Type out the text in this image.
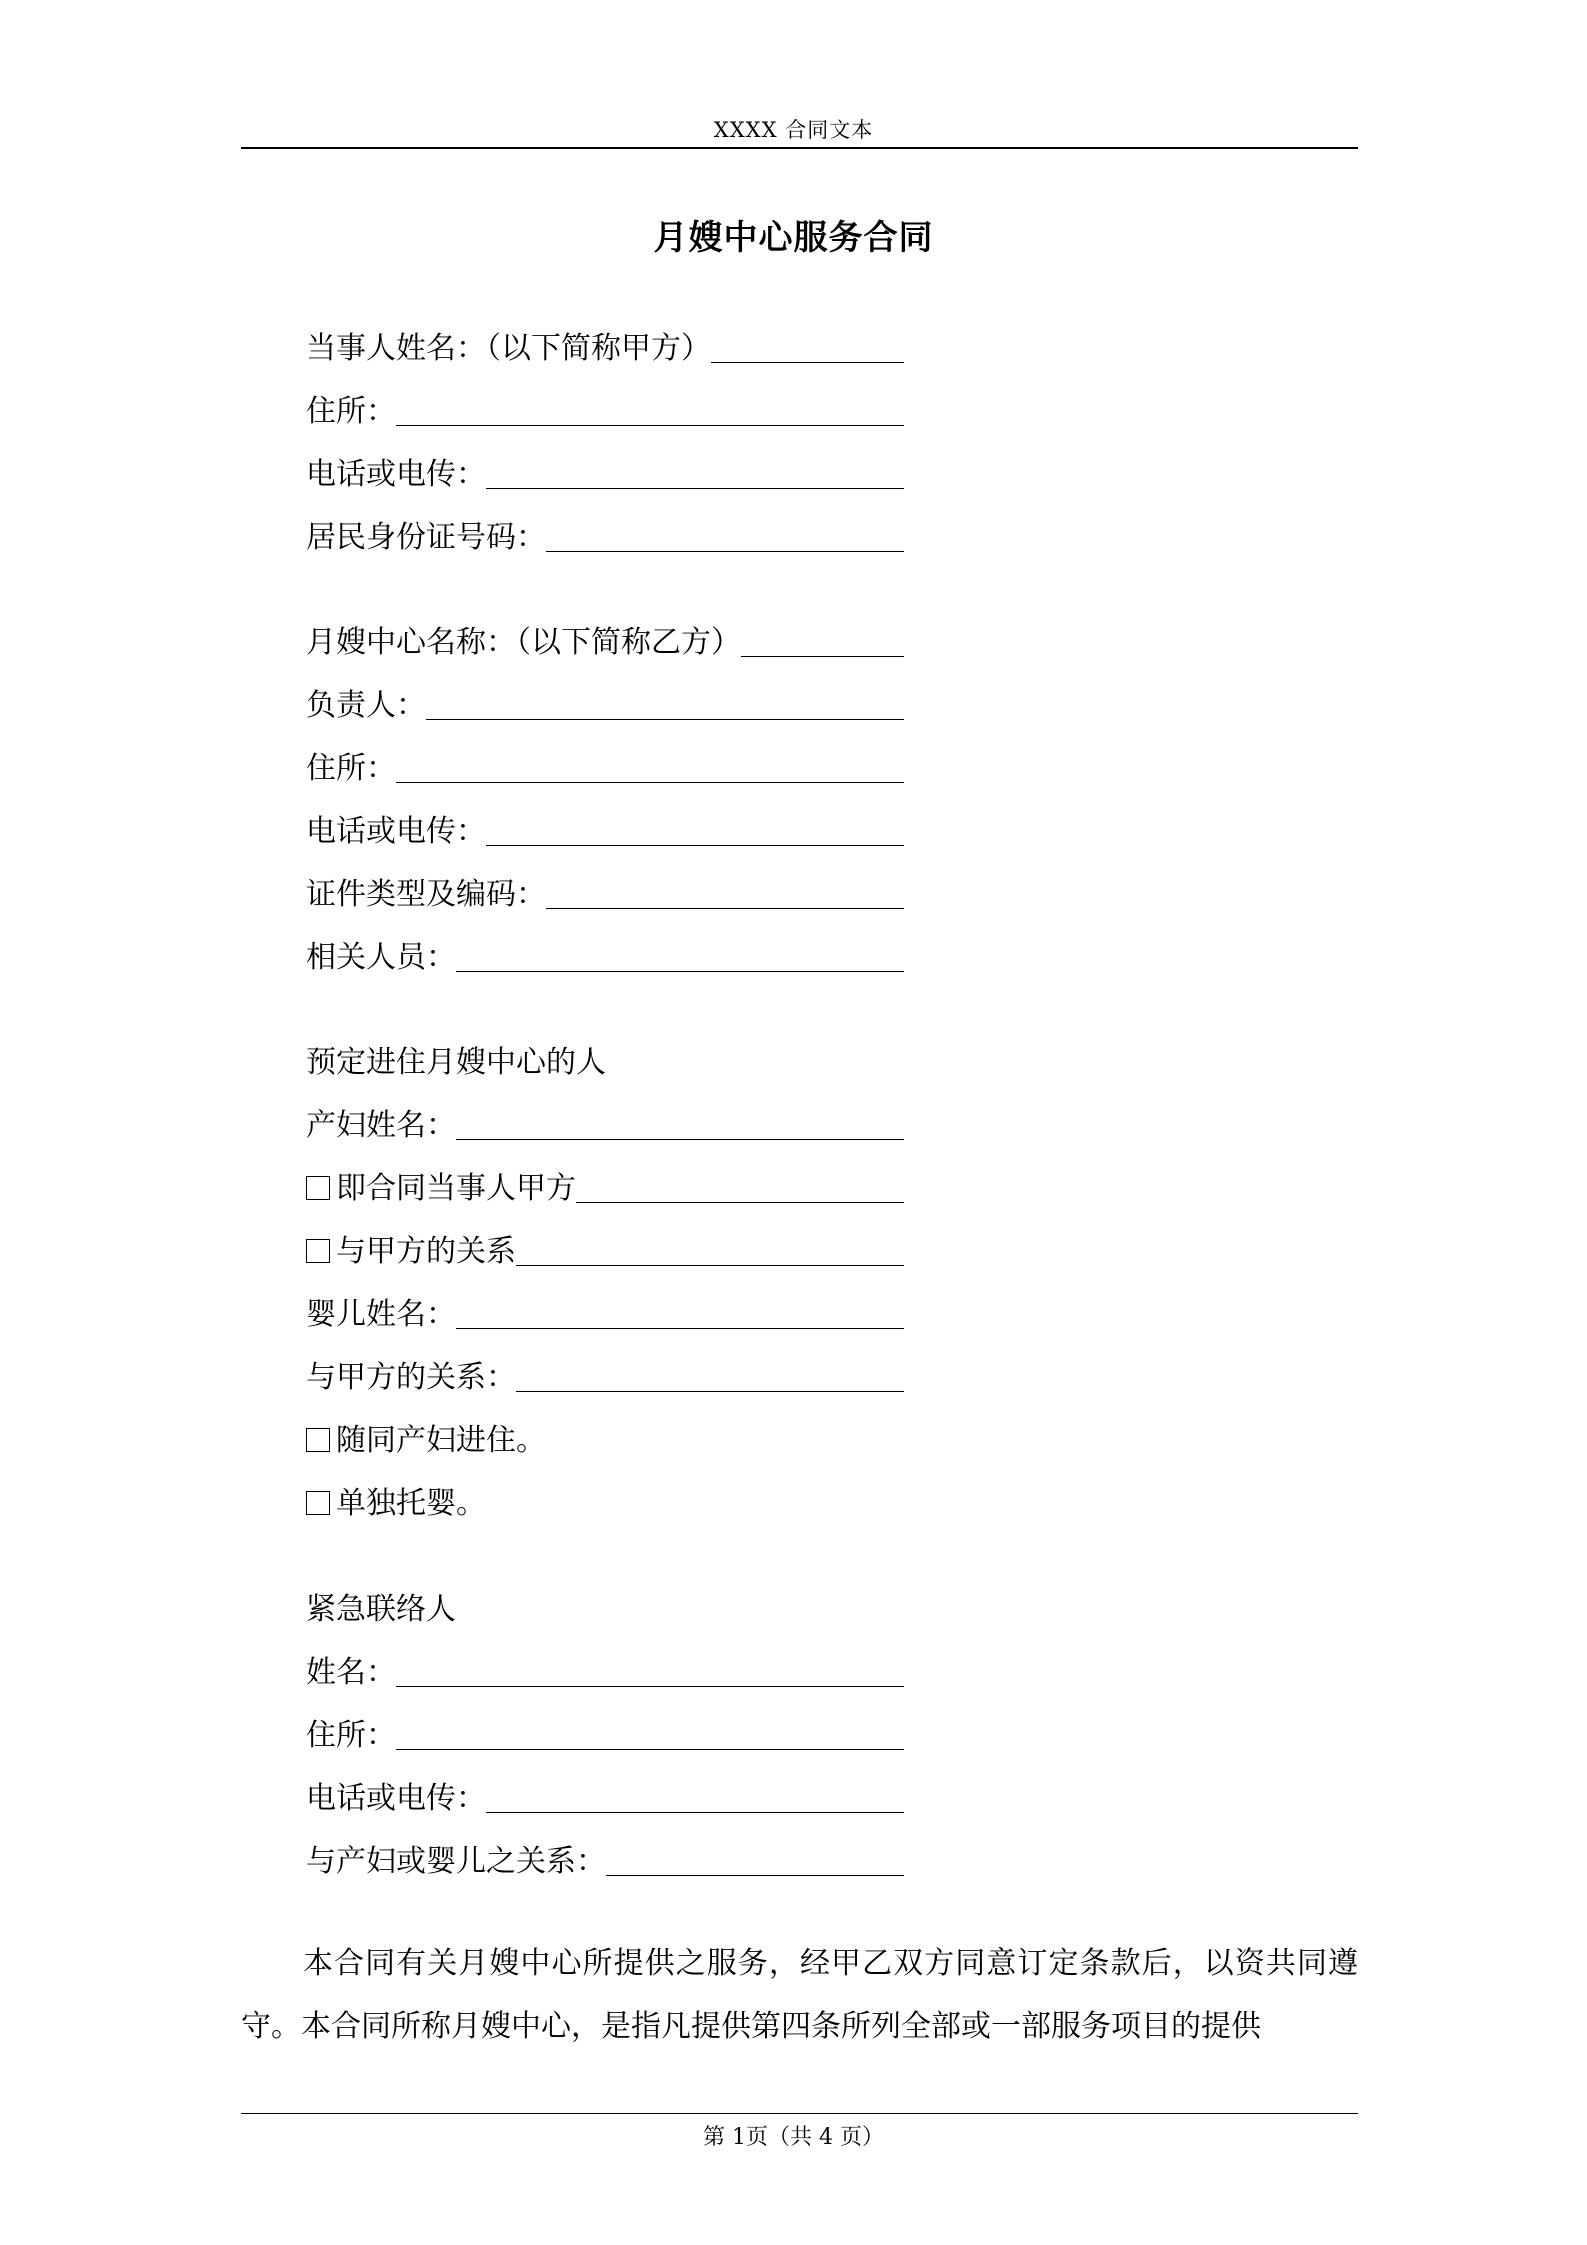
XXXX 合同文本
月嫂中心服务合同
当事人姓名：（以下简称甲方）
住所：
电话或电传：
居民身份证号码：
月嫂中心名称：（以下简称乙方）
负责人：
住所：
电话或电传：
证件类型及编码：
相关人员：
预定进住月嫂中心的人
产妇姓名：
即合同当事人甲方
与甲方的关系
婴儿姓名：
与甲方的关系：
随同产妇进住。
单独托婴。
紧急联络人
姓名：
住所：
电话或电传：
与产妇或婴儿之关系：
本合同有关月嫂中心所提供之服务，经甲乙双方同意订定条款后，以资共同遵守。本合同所称月嫂中心，是指凡提供第四条所列全部或一部服务项目的提供
第 1页（共 4 页）
